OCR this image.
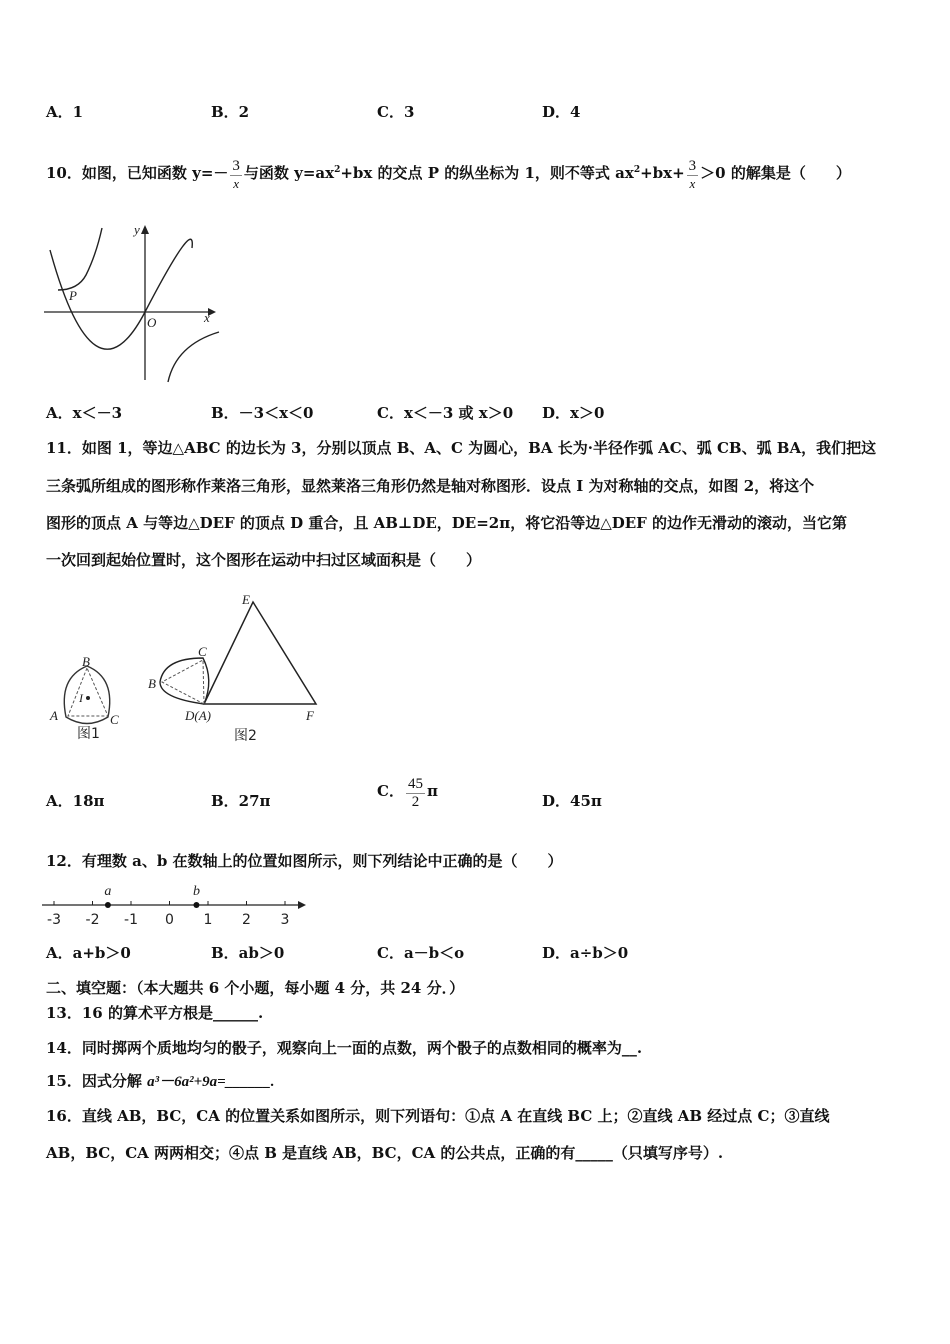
A．1	B．2	C．3	D．4
10．如图，已知函数 $y=- \frac{3}{x}$ 与函数 $y=ax^2+bx$ 的交点 P 的纵坐标为 1，则不等式 $ax^2+bx+ \frac{3}{x} >0$ 的解集是（　　）
y
x
O
P
A．x＜－3	B．－3＜x＜0	C．x＜－3 或 x＞0 D．x＞0
11．如图 1，等边△ABC 的边长为 3，分别以顶点 B、A、C 为圆心，BA 长为·半径作弧 AC、弧 CB、弧 BA，我们把这
三条弧所组成的图形称作莱洛三角形，显然莱洛三角形仍然是轴对称图形．设点 I 为对称轴的交点，如图 2，将这个
图形的顶点 A 与等边△DEF 的顶点 D 重合，且 AB⊥DE，DE=2π，将它沿等边△DEF 的边作无滑动的滚动，当它第
一次回到起始位置时，这个图形在运动中扫过区域面积是（　　）
B
A	C
I
图1
C
B
D(A)
E
F
图2
A．18π	B．27π
C． $\frac{45}{2}$ π
D．45π
12．有理数 a、b 在数轴上的位置如图所示，则下列结论中正确的是（　　）
-3 -2 -1 0 1 2 3
a	b
A．a+b＞0	B．ab＞0	C．a－b＜o	D．a÷b＞0
二、填空题：（本大题共 6 个小题，每小题 4 分，共 24 分．）
13．16 的算术平方根是______.
14．同时掷两个质地均匀的骰子，观察向上一面的点数，两个骰子的点数相同的概率为__.
15．因式分解 a³－6a²+9a=______.
16．直线 AB，BC，CA 的位置关系如图所示，则下列语句：①点 A 在直线 BC 上；②直线 AB 经过点 C；③直线
AB，BC，CA 两两相交；④点 B 是直线 AB，BC，CA 的公共点，正确的有_____（只填写序号）.
